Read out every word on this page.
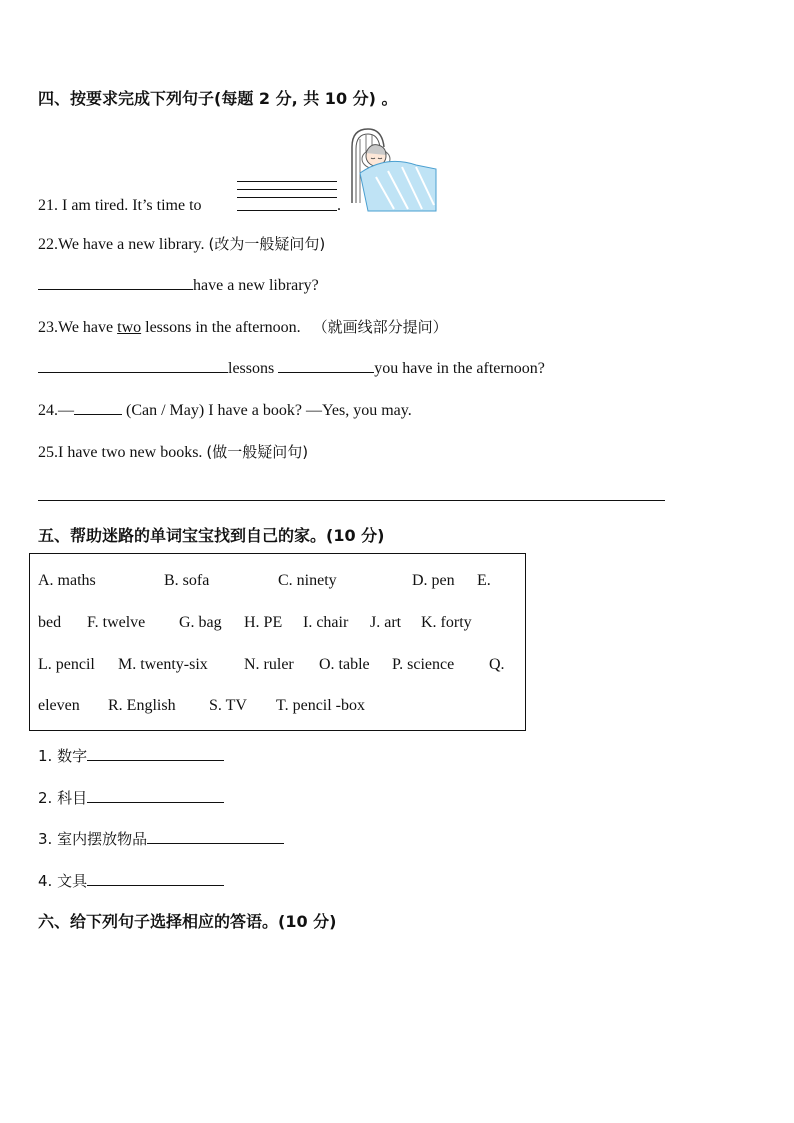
四、按要求完成下列句子(每题 2 分, 共 10 分) 。
21. I am tired. It’s time to	.
22.We have a new library. (改为一般疑问句)
have a new library?
23.We have two lessons in the afternoon. （就画线部分提问）
lessons	you have in the afternoon?
24.—	(Can / May) I have a book? —Yes, you may.
25.I have two new books. (做一般疑问句)
五、帮助迷路的单词宝宝找到自己的家。(10 分)
A. maths	B. sofa	C. ninety	D. pen E.
bed F. twelve G. bag H. PE I. chair J. art K. forty
L. pencil M. twenty-six N. ruler O. table P. science Q.
eleven R. English S. TV T. pencil -box
1. 数字
2. 科目
3. 室内摆放物品
4. 文具
六、给下列句子选择相应的答语。(10 分)
